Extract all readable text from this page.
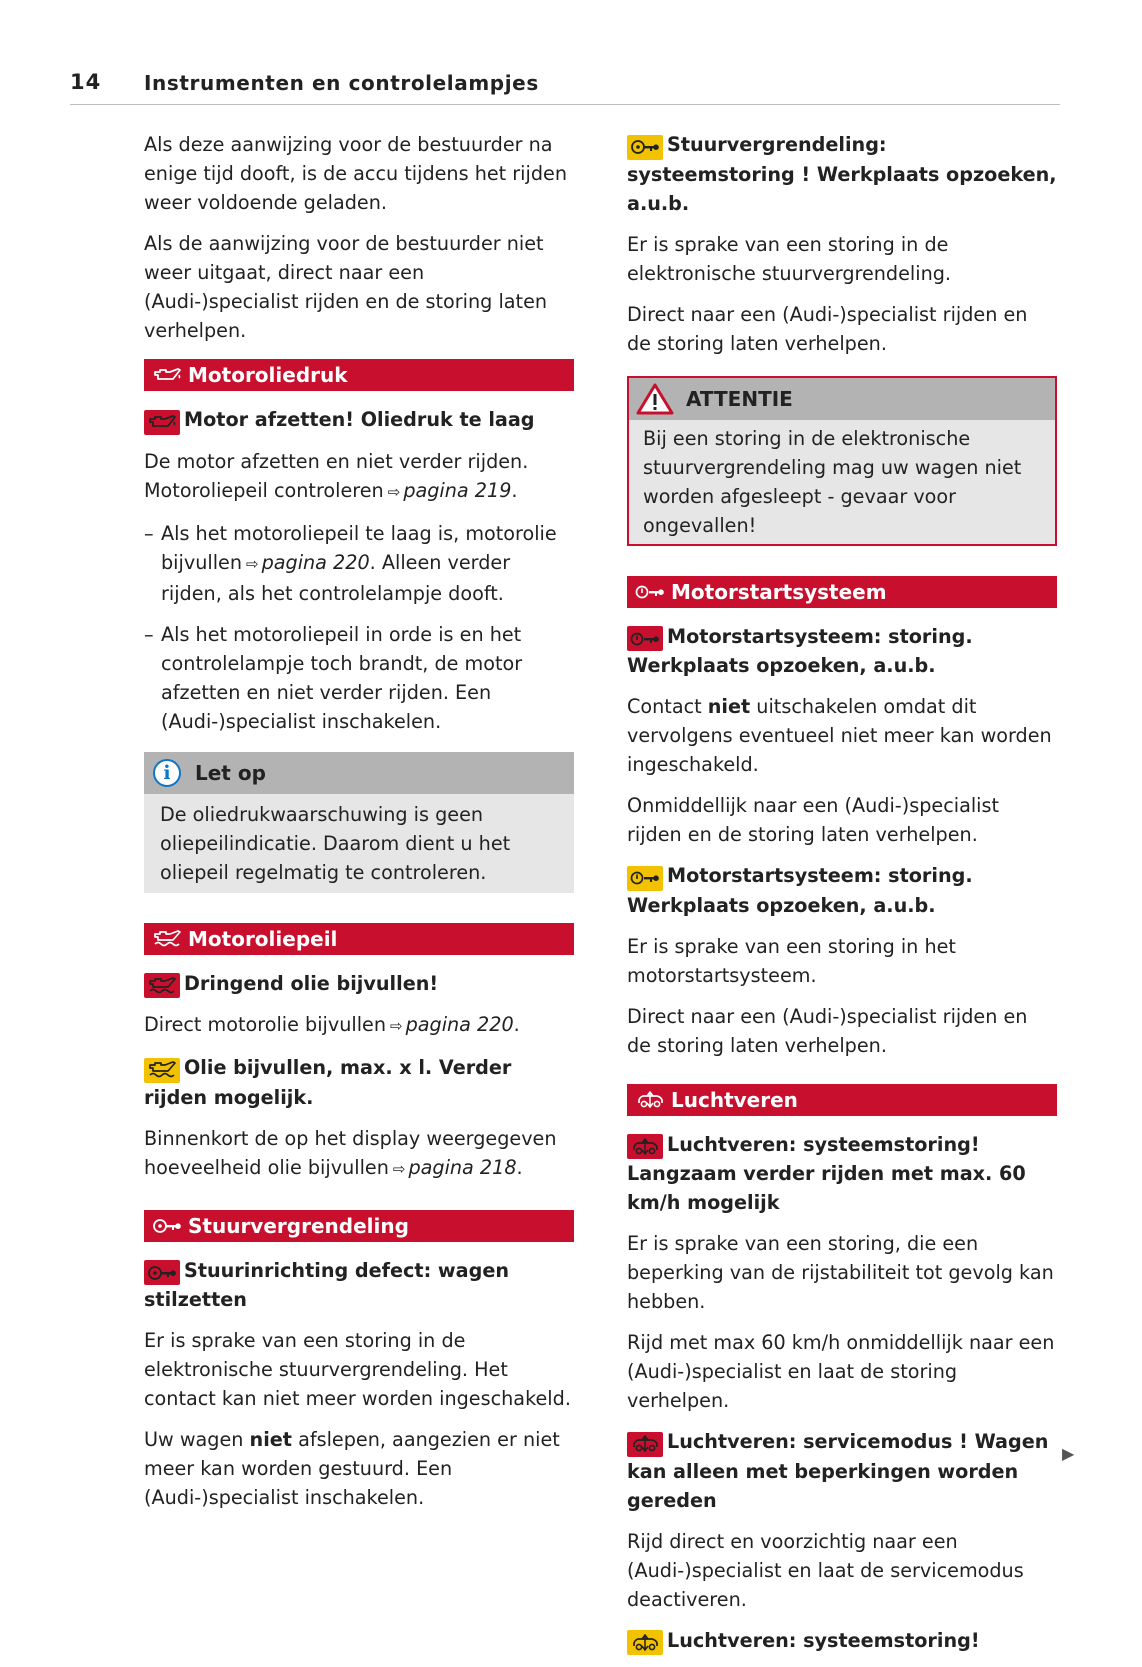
14 Instrumenten en controlelampjes

Als deze aanwijzing voor de bestuurder na enige tijd dooft, is de accu tijdens het rijden weer voldoende geladen.

Als de aanwijzing voor de bestuurder niet weer uitgaat, direct naar een (Audi-)specialist rijden en de storing laten verhelpen.

Motoroliedruk

Motor afzetten! Oliedruk te laag

De motor afzetten en niet verder rijden. Motoroliepeil controleren ⇨ pagina 219.

– Als het motoroliepeil te laag is, motorolie bijvullen ⇨ pagina 220. Alleen verder rijden, als het controlelampje dooft.
– Als het motoroliepeil in orde is en het controlelampje toch brandt, de motor afzetten en niet verder rijden. Een (Audi-)specialist inschakelen.
i	Let op
De oliedrukwaarschuwing is geen oliepeilindicatie. Daarom dient u het oliepeil regelmatig te controleren.
Motoroliepeil

Dringend olie bijvullen!

Direct motorolie bijvullen ⇨ pagina 220.

Olie bijvullen, max. x l. Verder rijden mogelijk.

Binnenkort de op het display weergegeven hoeveelheid olie bijvullen ⇨ pagina 218.

Stuurvergrendeling

Stuurinrichting defect: wagen stilzetten

Er is sprake van een storing in de elektronische stuurvergrendeling. Het contact kan niet meer worden ingeschakeld.

Uw wagen niet afslepen, aangezien er niet meer kan worden gestuurd. Een (Audi-)specialist inschakelen.

Stuurvergrendeling: systeemstoring ! Werkplaats opzoeken, a.u.b.

Er is sprake van een storing in de elektronische stuurvergrendeling.

Direct naar een (Audi-)specialist rijden en de storing laten verhelpen.

ATTENTIE
Bij een storing in de elektronische stuurvergrendeling mag uw wagen niet worden afgesleept - gevaar voor ongevallen!
Motorstartsysteem

Motorstartsysteem: storing. Werkplaats opzoeken, a.u.b.

Contact niet uitschakelen omdat dit vervolgens eventueel niet meer kan worden ingeschakeld.

Onmiddellijk naar een (Audi-)specialist rijden en de storing laten verhelpen.

Motorstartsysteem: storing. Werkplaats opzoeken, a.u.b.

Er is sprake van een storing in het motorstartsysteem.

Direct naar een (Audi-)specialist rijden en de storing laten verhelpen.

Luchtveren

Luchtveren: systeemstoring! Langzaam verder rijden met max. 60 km/h mogelijk

Er is sprake van een storing, die een beperking van de rijstabiliteit tot gevolg kan hebben.

Rijd met max 60 km/h onmiddellijk naar een (Audi-)specialist en laat de storing verhelpen.

Luchtveren: servicemodus ! Wagen kan alleen met beperkingen worden gereden

Rijd direct en voorzichtig naar een (Audi-)specialist en laat de servicemodus deactiveren.

Luchtveren: systeemstoring!

▶
